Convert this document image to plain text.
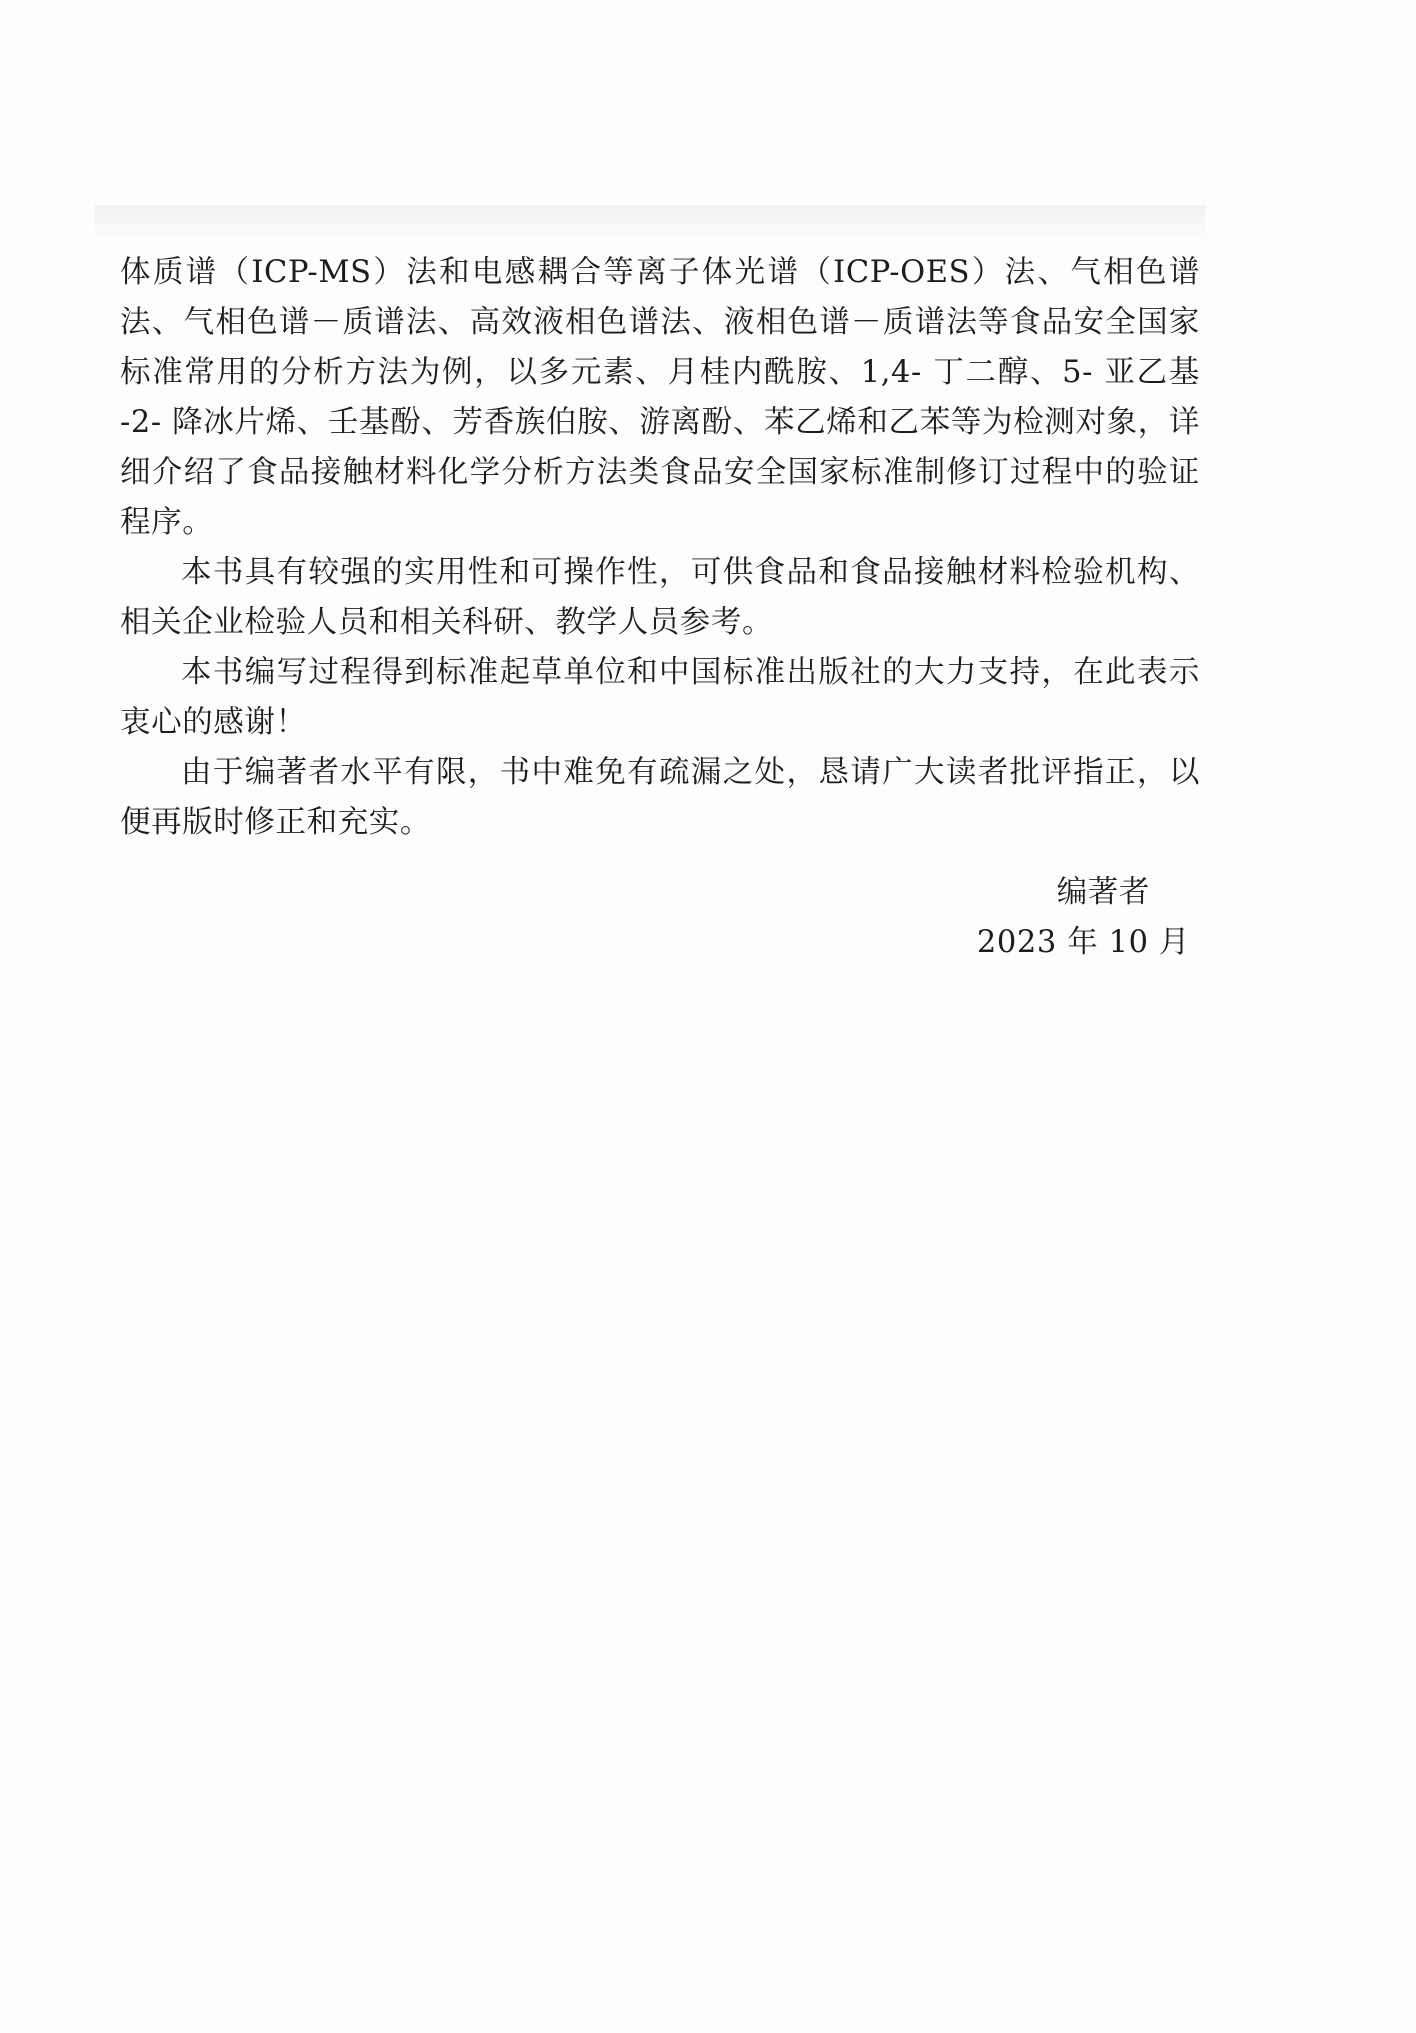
体质谱（ICP-MS）法和电感耦合等离子体光谱（ICP-OES）法、气相色谱法、气相色谱－质谱法、高效液相色谱法、液相色谱－质谱法等食品安全国家标准常用的分析方法为例，以多元素、月桂内酰胺、1,4- 丁二醇、5- 亚乙基 -2- 降冰片烯、壬基酚、芳香族伯胺、游离酚、苯乙烯和乙苯等为检测对象，详细介绍了食品接触材料化学分析方法类食品安全国家标准制修订过程中的验证程序。

本书具有较强的实用性和可操作性，可供食品和食品接触材料检验机构、相关企业检验人员和相关科研、教学人员参考。

本书编写过程得到标准起草单位和中国标准出版社的大力支持，在此表示衷心的感谢！

由于编著者水平有限，书中难免有疏漏之处，恳请广大读者批评指正，以便再版时修正和充实。

编著者
2023 年 10 月
